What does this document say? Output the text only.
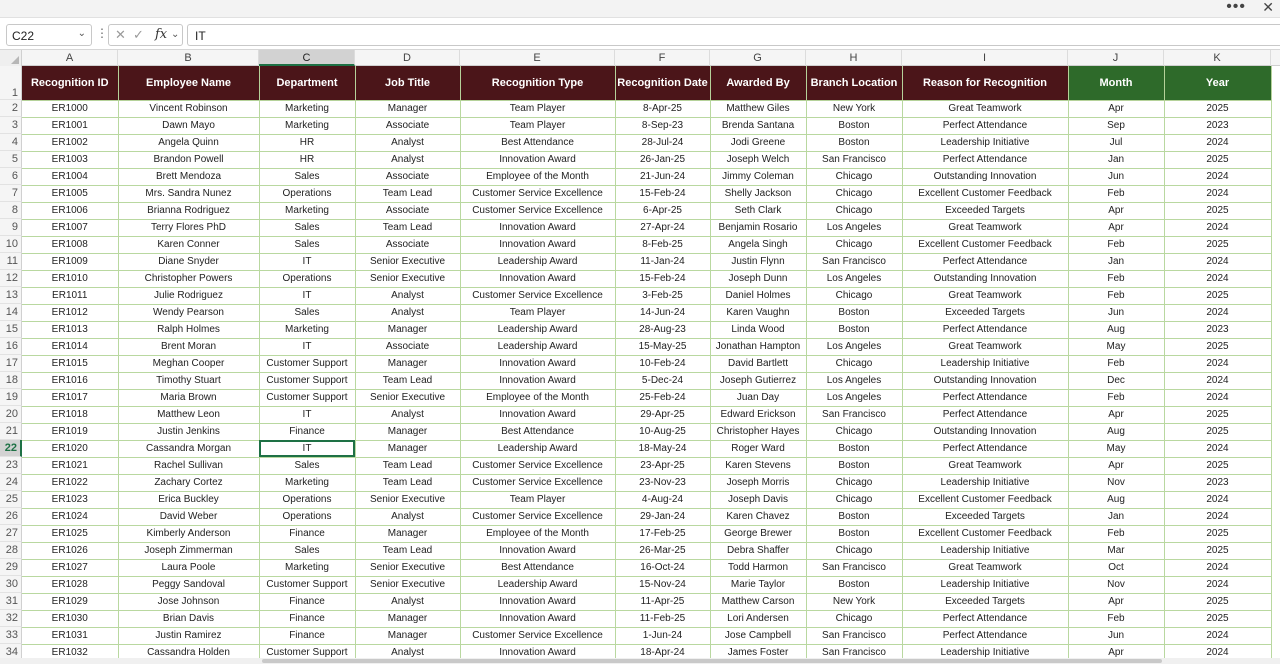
••• ✕
C22	⌄ ⋮ ✕ ✓ fx ⌄ IT
A	B	C	D	E	F	G	H	I	J	K
1
2
3
4
5
6
7
8
9
10
11
12
13
14
15
16
17
18
19
20
21
22
23
24
25
26
27
28
29
30
31
32
33
34
Recognition ID	Employee Name	Department	Job Title	Recognition Type	Recognition Date	Awarded By	Branch Location	Reason for Recognition	Month	Year
ER1000	Vincent Robinson	Marketing	Manager	Team Player	8-Apr-25	Matthew Giles	New York	Great Teamwork	Apr	2025
ER1001	Dawn Mayo	Marketing	Associate	Team Player	8-Sep-23	Brenda Santana	Boston	Perfect Attendance	Sep	2023
ER1002	Angela Quinn	HR	Analyst	Best Attendance	28-Jul-24	Jodi Greene	Boston	Leadership Initiative	Jul	2024
ER1003	Brandon Powell	HR	Analyst	Innovation Award	26-Jan-25	Joseph Welch	San Francisco	Perfect Attendance	Jan	2025
ER1004	Brett Mendoza	Sales	Associate	Employee of the Month	21-Jun-24	Jimmy Coleman	Chicago	Outstanding Innovation	Jun	2024
ER1005	Mrs. Sandra Nunez	Operations	Team Lead	Customer Service Excellence	15-Feb-24	Shelly Jackson	Chicago	Excellent Customer Feedback	Feb	2024
ER1006	Brianna Rodriguez	Marketing	Associate	Customer Service Excellence	6-Apr-25	Seth Clark	Chicago	Exceeded Targets	Apr	2025
ER1007	Terry Flores PhD	Sales	Team Lead	Innovation Award	27-Apr-24	Benjamin Rosario	Los Angeles	Great Teamwork	Apr	2024
ER1008	Karen Conner	Sales	Associate	Innovation Award	8-Feb-25	Angela Singh	Chicago	Excellent Customer Feedback	Feb	2025
ER1009	Diane Snyder	IT	Senior Executive	Leadership Award	11-Jan-24	Justin Flynn	San Francisco	Perfect Attendance	Jan	2024
ER1010	Christopher Powers	Operations	Senior Executive	Innovation Award	15-Feb-24	Joseph Dunn	Los Angeles	Outstanding Innovation	Feb	2024
ER1011	Julie Rodriguez	IT	Analyst	Customer Service Excellence	3-Feb-25	Daniel Holmes	Chicago	Great Teamwork	Feb	2025
ER1012	Wendy Pearson	Sales	Analyst	Team Player	14-Jun-24	Karen Vaughn	Boston	Exceeded Targets	Jun	2024
ER1013	Ralph Holmes	Marketing	Manager	Leadership Award	28-Aug-23	Linda Wood	Boston	Perfect Attendance	Aug	2023
ER1014	Brent Moran	IT	Associate	Leadership Award	15-May-25	Jonathan Hampton	Los Angeles	Great Teamwork	May	2025
ER1015	Meghan Cooper	Customer Support	Manager	Innovation Award	10-Feb-24	David Bartlett	Chicago	Leadership Initiative	Feb	2024
ER1016	Timothy Stuart	Customer Support	Team Lead	Innovation Award	5-Dec-24	Joseph Gutierrez	Los Angeles	Outstanding Innovation	Dec	2024
ER1017	Maria Brown	Customer Support	Senior Executive	Employee of the Month	25-Feb-24	Juan Day	Los Angeles	Perfect Attendance	Feb	2024
ER1018	Matthew Leon	IT	Analyst	Innovation Award	29-Apr-25	Edward Erickson	San Francisco	Perfect Attendance	Apr	2025
ER1019	Justin Jenkins	Finance	Manager	Best Attendance	10-Aug-25	Christopher Hayes	Chicago	Outstanding Innovation	Aug	2025
ER1020	Cassandra Morgan	IT	Manager	Leadership Award	18-May-24	Roger Ward	Boston	Perfect Attendance	May	2024
ER1021	Rachel Sullivan	Sales	Team Lead	Customer Service Excellence	23-Apr-25	Karen Stevens	Boston	Great Teamwork	Apr	2025
ER1022	Zachary Cortez	Marketing	Team Lead	Customer Service Excellence	23-Nov-23	Joseph Morris	Chicago	Leadership Initiative	Nov	2023
ER1023	Erica Buckley	Operations	Senior Executive	Team Player	4-Aug-24	Joseph Davis	Chicago	Excellent Customer Feedback	Aug	2024
ER1024	David Weber	Operations	Analyst	Customer Service Excellence	29-Jan-24	Karen Chavez	Boston	Exceeded Targets	Jan	2024
ER1025	Kimberly Anderson	Finance	Manager	Employee of the Month	17-Feb-25	George Brewer	Boston	Excellent Customer Feedback	Feb	2025
ER1026	Joseph Zimmerman	Sales	Team Lead	Innovation Award	26-Mar-25	Debra Shaffer	Chicago	Leadership Initiative	Mar	2025
ER1027	Laura Poole	Marketing	Senior Executive	Best Attendance	16-Oct-24	Todd Harmon	San Francisco	Great Teamwork	Oct	2024
ER1028	Peggy Sandoval	Customer Support	Senior Executive	Leadership Award	15-Nov-24	Marie Taylor	Boston	Leadership Initiative	Nov	2024
ER1029	Jose Johnson	Finance	Analyst	Innovation Award	11-Apr-25	Matthew Carson	New York	Exceeded Targets	Apr	2025
ER1030	Brian Davis	Finance	Manager	Innovation Award	11-Feb-25	Lori Andersen	Chicago	Perfect Attendance	Feb	2025
ER1031	Justin Ramirez	Finance	Manager	Customer Service Excellence	1-Jun-24	Jose Campbell	San Francisco	Perfect Attendance	Jun	2024
ER1032	Cassandra Holden	Customer Support	Analyst	Innovation Award	18-Apr-24	James Foster	San Francisco	Leadership Initiative	Apr	2024
